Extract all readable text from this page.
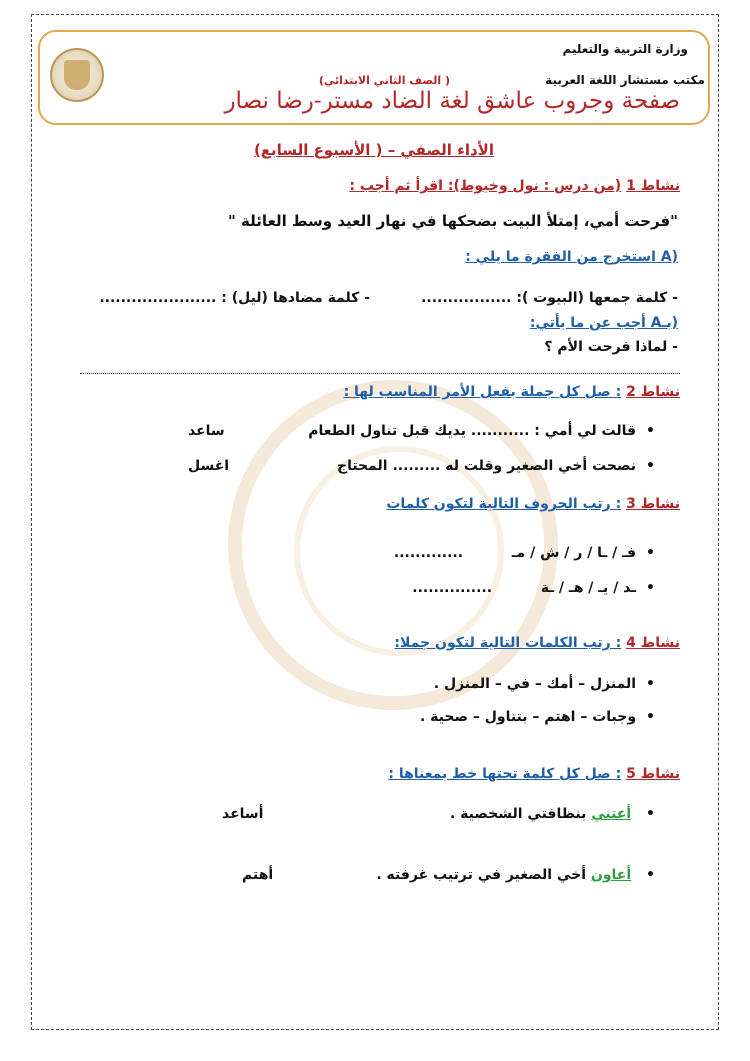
وزارة التربية والتعليم
مكتب مستشار اللغة العربية
( الصف الثاني الابتدائي)
صفحة وجروب عاشق لغة الضاد مستر-رضا نصار
الأداء الصفي – ( الأسبوع السابع)
نشاط 1 (من درس : نول وخيوط): اقرأ ثم أجب :
"فرحت أمي، إمتلأ البيت بضحكها في نهار العيد وسط العائلة "
(A استخرج من الفقرة ما يلي :
- كلمة جمعها (البيوت ): .................
- كلمة مضادها (ليل) : ......................
(بـA أجب عن ما يأتي:
- لماذا فرحت الأم ؟
نشاط 2 : صل كل جملة بفعل الأمر المناسب لها :
• قالت لي أمي : ........... يديك قبل تناول الطعام
• نصحت أخي الصغير وقلت له ......... المحتاج
ساعد
اغسل
نشاط 3 : رتب الحروف التالية لتكون كلمات
• فـ / ـا / ر / ش / مـ          .............
• ـد / يـ / هـ / ـة          ...............
نشاط 4 : رتب الكلمات التالية لتكون جملا:
• المنزل – أمك – في – المنزل .
• وجبات – اهتم – بتناول – صحية .
نشاط 5 : صل كل كلمة تحتها خط بمعناها :
• أعتني بنظافتي الشخصية .
• أعاون أخي الصغير في ترتيب غرفته .
أساعد
أهتم
